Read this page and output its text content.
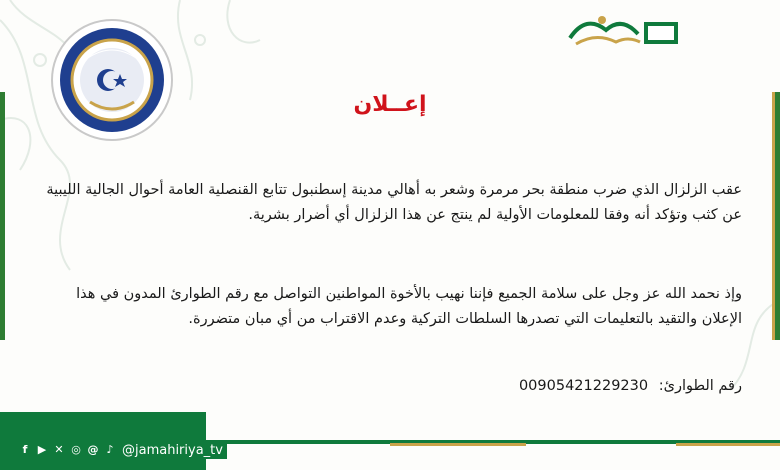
إعــلان
عقب الزلزال الذي ضرب منطقة بحر مرمرة وشعر به أهالي مدينة إسطنبول تتابع القنصلية العامة أحوال الجالية الليبية عن كثب وتؤكد أنه وفقا للمعلومات الأولية لم ينتج عن هذا الزلزال أي أضرار بشرية.
وإذ نحمد الله عز وجل على سلامة الجميع فإننا نهيب بالأخوة المواطنين التواصل مع رقم الطوارئ المدون في هذا الإعلان والتقيد بالتعليمات التي تصدرها السلطات التركية وعدم الاقتراب من أي مبان متضررة.
رقم الطوارئ: 00905421229230
f ▶ ✕ ◎ @ ♪ @jamahiriya_tv
